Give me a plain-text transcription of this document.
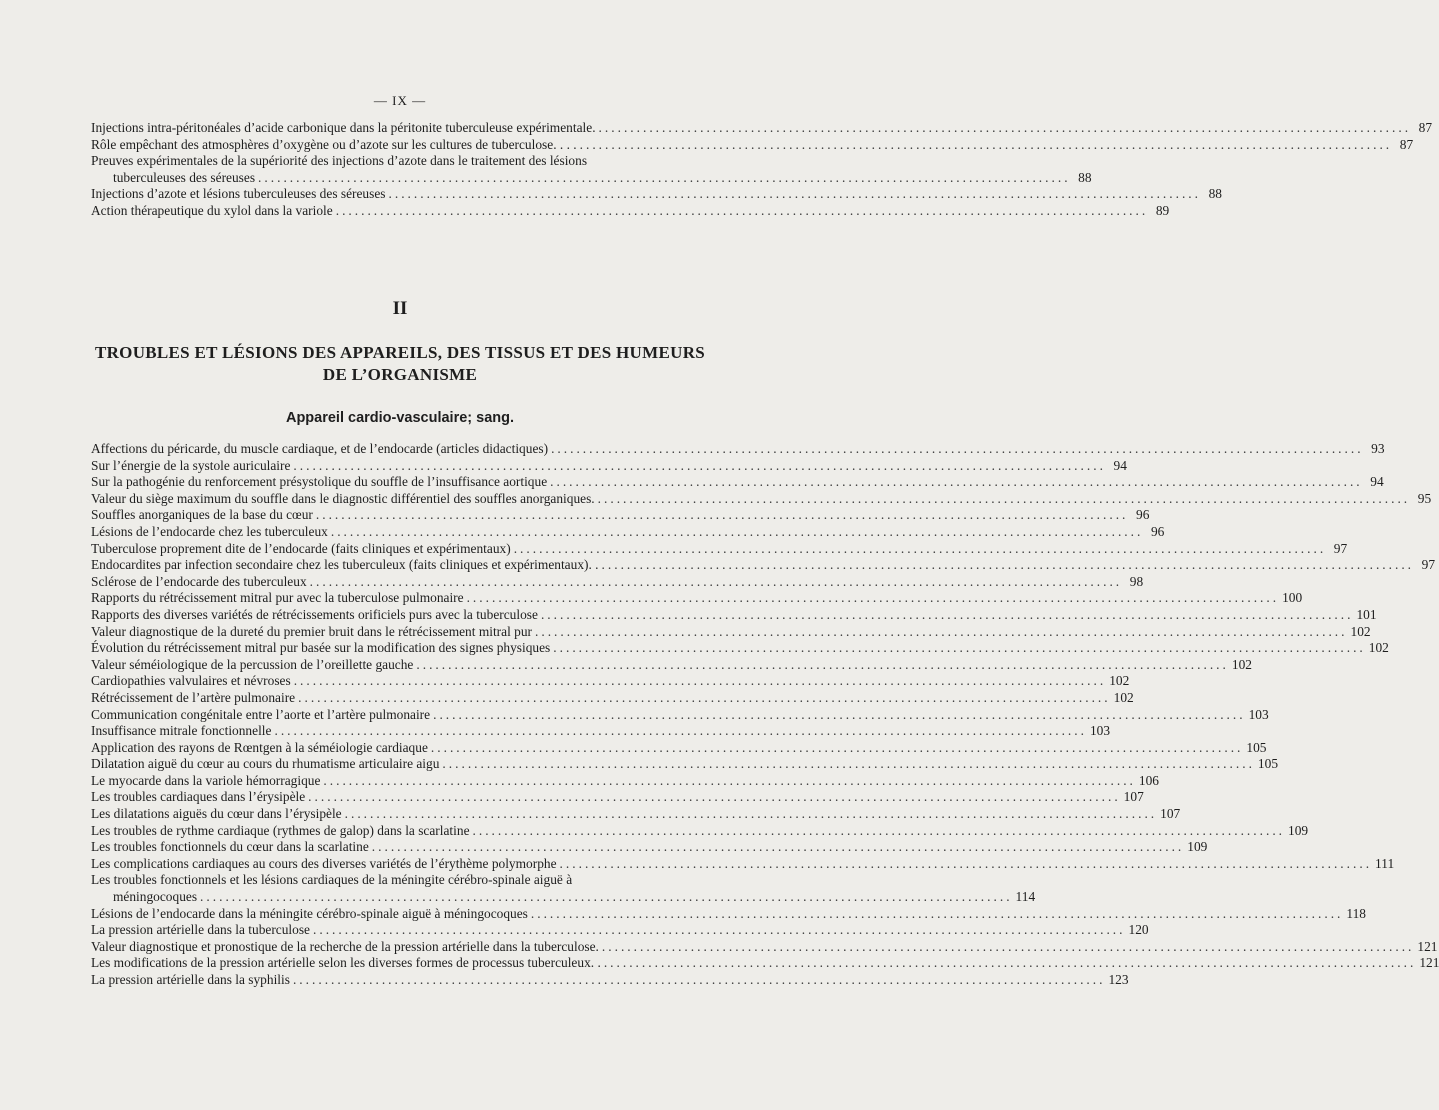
— IX —
Injections intra-péritonéales d’acide carbonique dans la péritonite tuberculeuse expérimentale. ................................................................................................................................ 87
Rôle empêchant des atmosphères d’oxygène ou d’azote sur les cultures de tuberculose. . . . ................................................................................................................................ 87
Preuves expérimentales de la supériorité des injections d’azote dans le traitement des lésions
tuberculeuses des séreuses ................................................................................................................................ 88
Injections d’azote et lésions tuberculeuses des séreuses ................................................................................................................................ 88
Action thérapeutique du xylol dans la variole ................................................................................................................................ 89
II
TROUBLES ET LÉSIONS DES APPAREILS, DES TISSUS ET DES HUMEURS
DE L’ORGANISME
Appareil cardio-vasculaire; sang.
Affections du péricarde, du muscle cardiaque, et de l’endocarde (articles didactiques) ................................................................................................................................ 93
Sur l’énergie de la systole auriculaire ................................................................................................................................ 94
Sur la pathogénie du renforcement présystolique du souffle de l’insuffisance aortique ................................................................................................................................ 94
Valeur du siège maximum du souffle dans le diagnostic différentiel des souffles anorganiques. ................................................................................................................................ 95
Souffles anorganiques de la base du cœur ................................................................................................................................ 96
Lésions de l’endocarde chez les tuberculeux ................................................................................................................................ 96
Tuberculose proprement dite de l’endocarde (faits cliniques et expérimentaux) ................................................................................................................................ 97
Endocardites par infection secondaire chez les tuberculeux (faits cliniques et expérimentaux). . ................................................................................................................................ 97
Sclérose de l’endocarde des tuberculeux ................................................................................................................................ 98
Rapports du rétrécissement mitral pur avec la tuberculose pulmonaire ................................................................................................................................ 100
Rapports des diverses variétés de rétrécissements orificiels purs avec la tuberculose ................................................................................................................................ 101
Valeur diagnostique de la dureté du premier bruit dans le rétrécissement mitral pur ................................................................................................................................ 102
Évolution du rétrécissement mitral pur basée sur la modification des signes physiques ................................................................................................................................ 102
Valeur séméiologique de la percussion de l’oreillette gauche ................................................................................................................................ 102
Cardiopathies valvulaires et névroses ................................................................................................................................ 102
Rétrécissement de l’artère pulmonaire ................................................................................................................................ 102
Communication congénitale entre l’aorte et l’artère pulmonaire ................................................................................................................................ 103
Insuffisance mitrale fonctionnelle ................................................................................................................................ 103
Application des rayons de Rœntgen à la séméiologie cardiaque ................................................................................................................................ 105
Dilatation aiguë du cœur au cours du rhumatisme articulaire aigu ................................................................................................................................ 105
Le myocarde dans la variole hémorragique ................................................................................................................................ 106
Les troubles cardiaques dans l’érysipèle ................................................................................................................................ 107
Les dilatations aiguës du cœur dans l’érysipèle ................................................................................................................................ 107
Les troubles de rythme cardiaque (rythmes de galop) dans la scarlatine ................................................................................................................................ 109
Les troubles fonctionnels du cœur dans la scarlatine ................................................................................................................................ 109
Les complications cardiaques au cours des diverses variétés de l’érythème polymorphe ................................................................................................................................ 111
Les troubles fonctionnels et les lésions cardiaques de la méningite cérébro-spinale aiguë à
méningocoques ................................................................................................................................ 114
Lésions de l’endocarde dans la méningite cérébro-spinale aiguë à méningocoques ................................................................................................................................ 118
La pression artérielle dans la tuberculose ................................................................................................................................ 120
Valeur diagnostique et pronostique de la recherche de la pression artérielle dans la tuberculose. ................................................................................................................................ 121
Les modifications de la pression artérielle selon les diverses formes de processus tuberculeux. . ................................................................................................................................ 121
La pression artérielle dans la syphilis ................................................................................................................................ 123
